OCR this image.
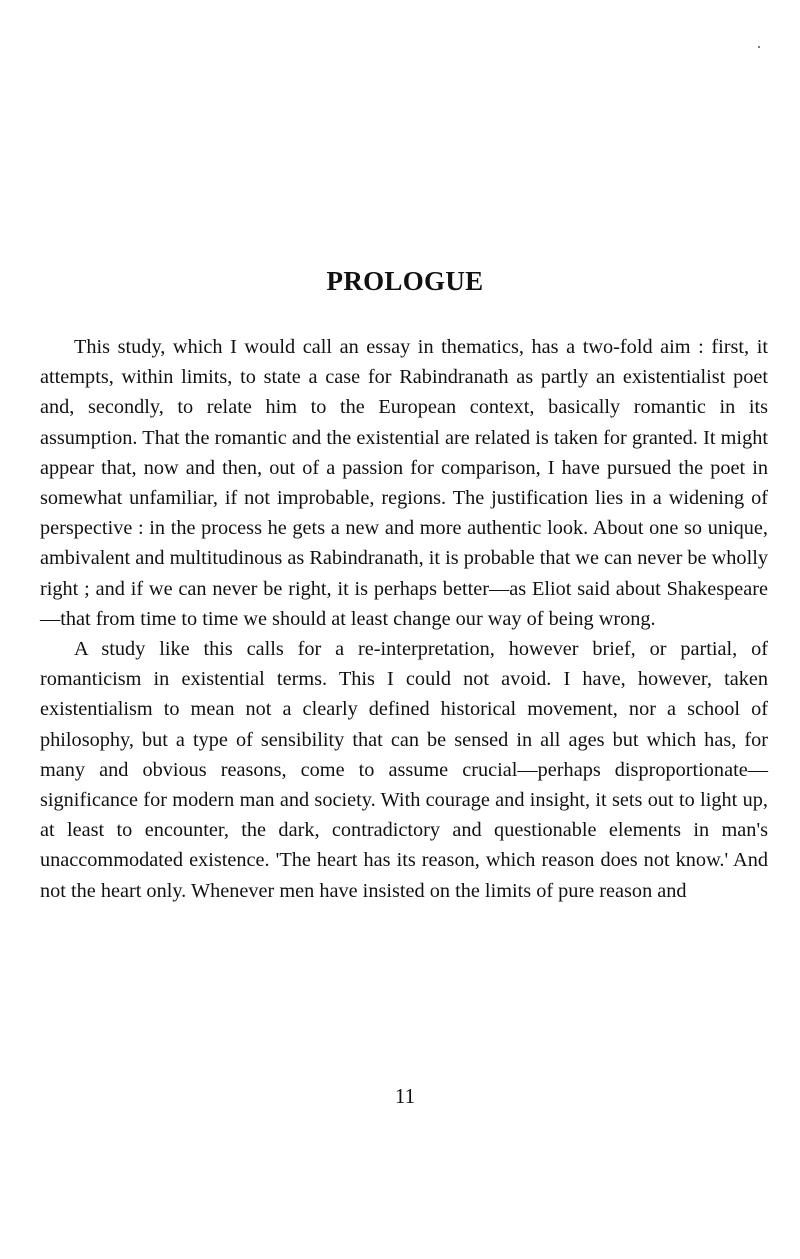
PROLOGUE

This study, which I would call an essay in thematics, has a two-fold aim : first, it attempts, within limits, to state a case for Rabindranath as partly an existentialist poet and, secondly, to relate him to the European context, basically romantic in its assumption. That the romantic and the existential are related is taken for granted. It might appear that, now and then, out of a passion for comparison, I have pursued the poet in somewhat unfamiliar, if not improbable, regions. The justification lies in a widening of perspective : in the process he gets a new and more authentic look. About one so unique, ambivalent and multitudinous as Rabindranath, it is probable that we can never be wholly right ; and if we can never be right, it is perhaps better—as Eliot said about Shakespeare—that from time to time we should at least change our way of being wrong.

A study like this calls for a re-interpretation, however brief, or partial, of romanticism in existential terms. This I could not avoid. I have, however, taken existentialism to mean not a clearly defined historical movement, nor a school of philosophy, but a type of sensibility that can be sensed in all ages but which has, for many and obvious reasons, come to assume crucial—perhaps disproportionate—significance for modern man and society. With courage and insight, it sets out to light up, at least to encounter, the dark, contradictory and questionable elements in man's unaccommodated existence. 'The heart has its reason, which reason does not know.' And not the heart only. Whenever men have insisted on the limits of pure reason and

11
